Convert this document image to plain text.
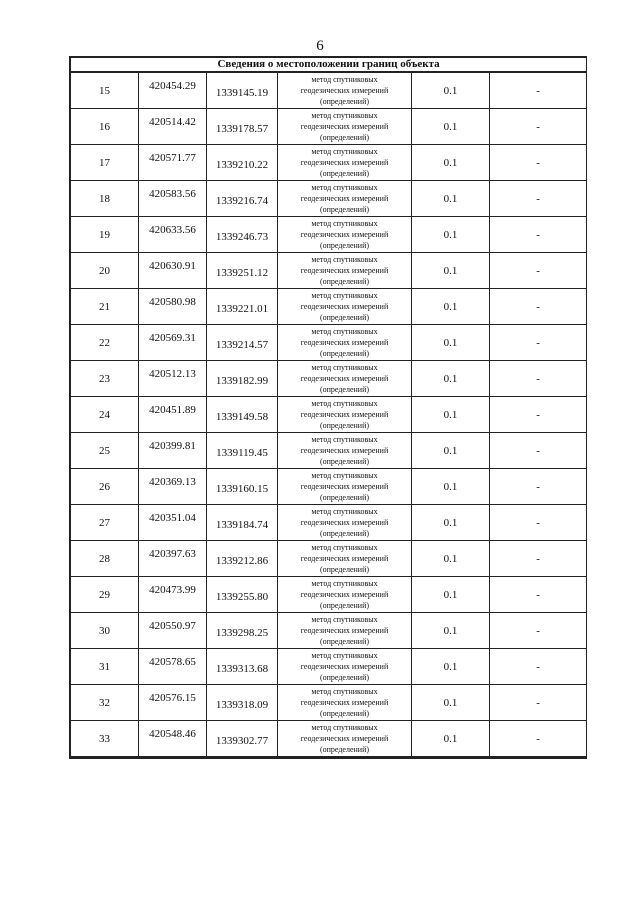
6
Сведения о местоположении границ объекта					
15	420454.29	1339145.19	метод спутниковых
геодезических измерений
(определений)	0.1	-
16	420514.42	1339178.57	метод спутниковых
геодезических измерений
(определений)	0.1	-
17	420571.77	1339210.22	метод спутниковых
геодезических измерений
(определений)	0.1	-
18	420583.56	1339216.74	метод спутниковых
геодезических измерений
(определений)	0.1	-
19	420633.56	1339246.73	метод спутниковых
геодезических измерений
(определений)	0.1	-
20	420630.91	1339251.12	метод спутниковых
геодезических измерений
(определений)	0.1	-
21	420580.98	1339221.01	метод спутниковых
геодезических измерений
(определений)	0.1	-
22	420569.31	1339214.57	метод спутниковых
геодезических измерений
(определений)	0.1	-
23	420512.13	1339182.99	метод спутниковых
геодезических измерений
(определений)	0.1	-
24	420451.89	1339149.58	метод спутниковых
геодезических измерений
(определений)	0.1	-
25	420399.81	1339119.45	метод спутниковых
геодезических измерений
(определений)	0.1	-
26	420369.13	1339160.15	метод спутниковых
геодезических измерений
(определений)	0.1	-
27	420351.04	1339184.74	метод спутниковых
геодезических измерений
(определений)	0.1	-
28	420397.63	1339212.86	метод спутниковых
геодезических измерений
(определений)	0.1	-
29	420473.99	1339255.80	метод спутниковых
геодезических измерений
(определений)	0.1	-
30	420550.97	1339298.25	метод спутниковых
геодезических измерений
(определений)	0.1	-
31	420578.65	1339313.68	метод спутниковых
геодезических измерений
(определений)	0.1	-
32	420576.15	1339318.09	метод спутниковых
геодезических измерений
(определений)	0.1	-
33	420548.46	1339302.77	метод спутниковых
геодезических измерений
(определений)	0.1	-
